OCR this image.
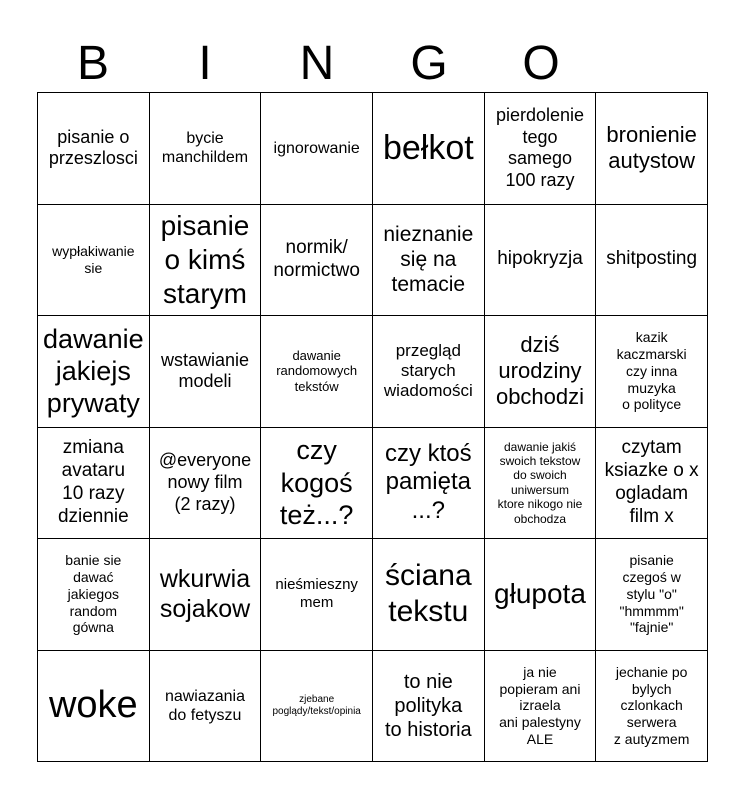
B	I	N	G	O
pisanie o
przeszlosci
bycie
manchildem
ignorowanie bełkot
pierdolenie
tego
samego
100 razy
bronienie
autystow
wypłakiwanie
sie
pisanie
o kimś
starym
normik/
normictwo
nieznanie
się na
temacie
hipokryzja shitposting
dawanie
jakiejs
prywaty
wstawianie
modeli
dawanie
randomowych
tekstów
przegląd
starych
wiadomości
dziś
urodziny
obchodzi
kazik
kaczmarski
czy inna
muzyka
o polityce
zmiana
avataru
10 razy
dziennie
@everyone
nowy film
(2 razy)
czy
kogoś
też...?
czy ktoś
pamięta
...?
dawanie jakiś
swoich tekstow
do swoich
uniwersum
ktore nikogo nie
obchodza
czytam
ksiazke o x
ogladam
film x
banie sie
dawać
jakiegos
random
gówna
wkurwia
sojakow
nieśmieszny
mem
ściana
tekstu
głupota
pisanie
czegoś w
stylu "o"
"hmmmm"
"fajnie"
woke nawiazania
do fetyszu
zjebane
poglądy/tekst/opinia
to nie
polityka
to historia
ja nie
popieram ani
izraela
ani palestyny
ALE
jechanie po
bylych
czlonkach
serwera
z autyzmem
